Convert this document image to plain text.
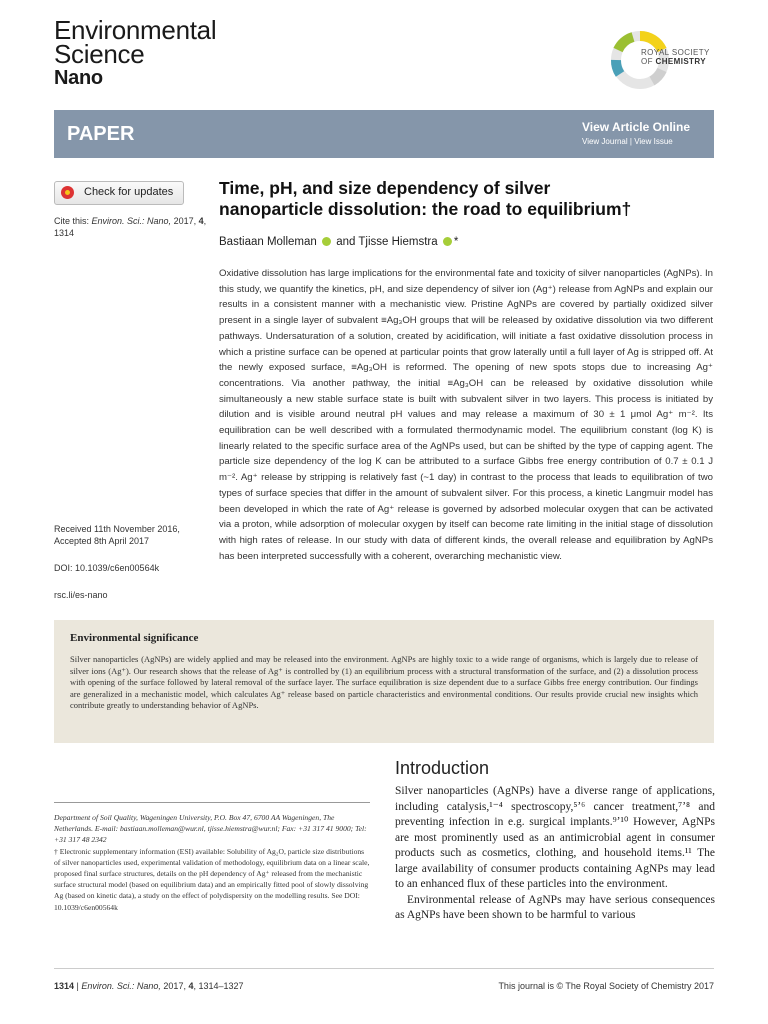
Environmental
Science
Nano
ROYAL SOCIETY
OF CHEMISTRY
PAPER	View Article Online
View Journal | View Issue
Check for updates
Cite this: Environ. Sci.: Nano, 2017, 4, 1314
Time, pH, and size dependency of silver nanoparticle dissolution: the road to equilibrium†
Bastiaan Molleman  and Tjisse Hiemstra *
Oxidative dissolution has large implications for the environmental fate and toxicity of silver nanoparticles (AgNPs). In this study, we quantify the kinetics, pH, and size dependency of silver ion (Ag⁺) release from AgNPs and explain our results in a consistent manner with a mechanistic view. Pristine AgNPs are covered by partially oxidized silver present in a single layer of subvalent ≡Ag₃OH groups that will be released by oxidative dissolution via two different pathways. Undersaturation of a solution, created by acidification, will initiate a fast oxidative dissolution process in which a pristine surface can be opened at particular points that grow laterally until a full layer of Ag is stripped off. At the newly exposed surface, ≡Ag₃OH is reformed. The opening of new spots stops due to increasing Ag⁺ concentrations. Via another pathway, the initial ≡Ag₃OH can be released by oxidative dissolution while simultaneously a new stable surface state is built with subvalent silver in two layers. This process is initiated by dilution and is visible around neutral pH values and may release a maximum of 30 ± 1 μmol Ag⁺ m⁻². Its equilibration can be well described with a formulated thermodynamic model. The equilibrium constant (log K) is linearly related to the specific surface area of the AgNPs used, but can be shifted by the type of capping agent. The particle size dependency of the log K can be attributed to a surface Gibbs free energy contribution of 0.7 ± 0.1 J m⁻². Ag⁺ release by stripping is relatively fast (~1 day) in contrast to the process that leads to equilibration of two types of surface species that differ in the amount of subvalent silver. For this process, a kinetic Langmuir model has been developed in which the rate of Ag⁺ release is governed by adsorbed molecular oxygen that can be activated via a proton, while adsorption of molecular oxygen by itself can become rate limiting in the initial stage of dissolution with high rates of release. In our study with data of different kinds, the overall release and equilibration by AgNPs has been interpreted successfully with a coherent, overarching mechanistic view.
Received 11th November 2016,
Accepted 8th April 2017
DOI: 10.1039/c6en00564k
rsc.li/es-nano
Environmental significance
Silver nanoparticles (AgNPs) are widely applied and may be released into the environment. AgNPs are highly toxic to a wide range of organisms, which is largely due to release of silver ions (Ag⁺). Our research shows that the release of Ag⁺ is controlled by (1) an equilibrium process with a structural transformation of the surface, and (2) a dissolution process with opening of the surface followed by lateral removal of the surface layer. The surface equilibration is size dependent due to a surface Gibbs free energy contribution. Our findings are generalized in a mechanistic model, which calculates Ag⁺ release based on particle characteristics and environmental conditions. Our results provide crucial new insights which contribute greatly to understanding behavior of AgNPs.
Introduction

Silver nanoparticles (AgNPs) have a diverse range of applications, including catalysis,¹⁻⁴ spectroscopy,⁵ʼ⁶ cancer treatment,⁷ʼ⁸ and preventing infection in e.g. surgical implants.⁹ʼ¹⁰ However, AgNPs are most prominently used as an antimicrobial agent in consumer products such as cosmetics, clothing, and household items.¹¹ The large availability of consumer products containing AgNPs may lead to an enhanced flux of these particles into the environment.

Environmental release of AgNPs may have serious consequences as AgNPs have been shown to be harmful to various

Department of Soil Quality, Wageningen University, P.O. Box 47, 6700 AA Wageningen, The Netherlands. E-mail: bastiaan.molleman@wur.nl, tjisse.hiemstra@wur.nl; Fax: +31 317 41 9000; Tel: +31 317 48 2342
† Electronic supplementary information (ESI) available: Solubility of Ag₂O, particle size distributions of silver nanoparticles used, experimental validation of methodology, equilibrium data on a linear scale, proposed final surface structures, details on the pH dependency of Ag⁺ released from the mechanistic surface structural model (based on equilibrium data) and an empirically fitted pool of slowly dissolving Ag (based on kinetic data), a study on the effect of polydispersity on the modelling results. See DOI: 10.1039/c6en00564k
1314 | Environ. Sci.: Nano, 2017, 4, 1314–1327	This journal is © The Royal Society of Chemistry 2017
